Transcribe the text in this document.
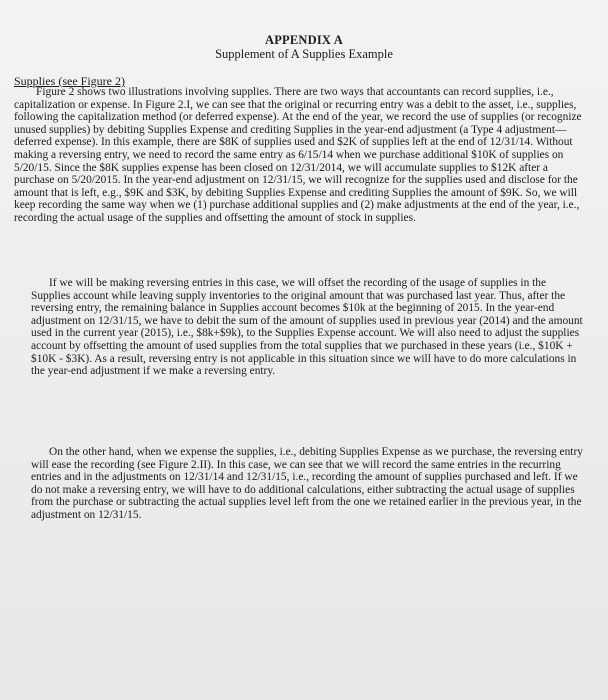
APPENDIX A
Supplement of A Supplies Example
Supplies (see Figure 2)

Figure 2 shows two illustrations involving supplies. There are two ways that accountants can record supplies, i.e., capitalization or expense. In Figure 2.I, we can see that the original or recurring entry was a debit to the asset, i.e., supplies, following the capitalization method (or deferred expense). At the end of the year, we record the use of supplies (or recognize unused supplies) by debiting Supplies Expense and crediting Supplies in the year-end adjustment (a Type 4 adjustment—deferred expense). In this example, there are $8K of supplies used and $2K of supplies left at the end of 12/31/14. Without making a reversing entry, we need to record the same entry as 6/15/14 when we purchase additional $10K of supplies on 5/20/15. Since the $8K supplies expense has been closed on 12/31/2014, we will accumulate supplies to $12K after a purchase on 5/20/2015. In the year-end adjustment on 12/31/15, we will recognize for the supplies used and disclose for the amount that is left, e.g., $9K and $3K, by debiting Supplies Expense and crediting Supplies the amount of $9K. So, we will keep recording the same way when we (1) purchase additional supplies and (2) make adjustments at the end of the year, i.e., recording the actual usage of the supplies and offsetting the amount of stock in supplies.

If we will be making reversing entries in this case, we will offset the recording of the usage of supplies in the Supplies account while leaving supply inventories to the original amount that was purchased last year. Thus, after the reversing entry, the remaining balance in Supplies account becomes $10k at the beginning of 2015. In the year-end adjustment on 12/31/15, we have to debit the sum of the amount of supplies used in previous year (2014) and the amount used in the current year (2015), i.e., $8k+$9k), to the Supplies Expense account. We will also need to adjust the supplies account by offsetting the amount of used supplies from the total supplies that we purchased in these years (i.e., $10K + $10K - $3K). As a result, reversing entry is not applicable in this situation since we will have to do more calculations in the year-end adjustment if we make a reversing entry.

On the other hand, when we expense the supplies, i.e., debiting Supplies Expense as we purchase, the reversing entry will ease the recording (see Figure 2.II). In this case, we can see that we will record the same entries in the recurring entries and in the adjustments on 12/31/14 and 12/31/15, i.e., recording the amount of supplies purchased and left. If we do not make a reversing entry, we will have to do additional calculations, either subtracting the actual usage of supplies from the purchase or subtracting the actual supplies level left from the one we retained earlier in the previous year, in the adjustment on 12/31/15.
